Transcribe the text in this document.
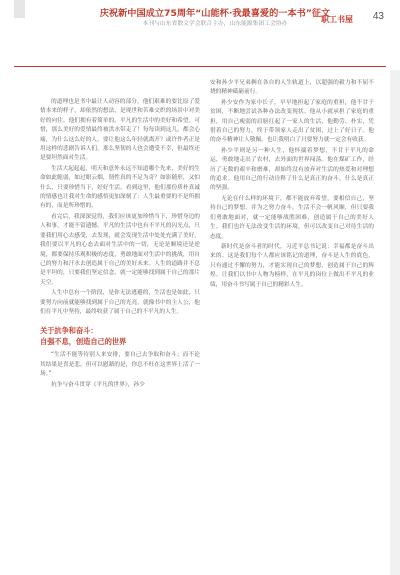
庆祝新中国成立75周年“山能杯·我最喜爱的一本书”征文
本刊与山东省散文学会联合主办，山东能源集团工会协办	职工书屋 43

的道理也是书中最让人动容的部分。他们艰难的要比原了爱情本来的样子，却依然的想法，是现世和苦难交织的场景中对美好的向往。他们拥有着简单的，平凡的生活中的美好和希望。可惜，那么美好的爱情最终被洪水带走了！每每读到这儿，都会心痛，为什么这么好的人，要让他这么年轻就离开？或许作者正是用这样的悲剧告诉人们，那么坚韧的人也会遭受不幸，但最终还是要坦然面对生活。

生活大起起起，明天和意外永远不知道哪个先来，美好的生命如此脆弱，如过眼云烟，韧性真的不足为奇？如影随形，又怕什么，只要珍惜当下，好好生活。看到这里，他们那份质朴真诚的情感也让我对生命的感悟更加深刻了：人生最重要的不是所拥有的，而是所珍惜的。

看完后，我深深觉得，我们应该更加珍惜当下，珍惜身边的人和事，才能不留遗憾。平凡的生活中也有不平凡的闪光点，只要我们用心去感受，去发现，就会发现生活中处处充满了美好，我们要以平凡的心态去面对生活中的一切，无论是顺境还是逆境，都要保持乐观积极的态度，勇敢地面对生活中的挑战，用自己的努力和汗水去创造属于自己的美好未来。人生的道路并不总是平坦的，只要我们坚定信念，就一定能够找到属于自己的那片天空。

人生中总有一个阶段，是你无法逃避的，生活也是如此，只要努力向前就能够找到属于自己的光亮，就像书中的主人公，他们在平凡中坚持，最终收获了属于自己的不平凡的人生。

关于抗争和奋斗：
自强不息，创造自己的世界

“生活不能等待别人来安排，要自己去争取和奋斗；而不论其结果是喜是悲，但可以慰藉的是，你总不枉在这世界上活了一场。”

抗争与奋斗贯穿《平凡的世界》，孙少

安和孙少平兄弟俩在各自的人生轨道上，以超强的毅力和不屈不挠的精神砥砺前行。

孙少安作为家中长子，早早地担起了家庭的重担，他不甘于贫困，不断地尝试各种办法改变现状。他从小就承担了家庭的重担，用自己瘦弱的肩膀扛起了一家人的生活，他勤劳、朴实，凭借着自己的努力，终于带领家人走出了贫困，过上了好日子。他的奋斗精神让人敬佩，也让我明白了只要努力就一定会有收获。

孙少平则是另一种人生，他怀揣着梦想，不甘于平凡的命运，勇敢地走出了农村，去外面的世界闯荡。他在煤矿工作，经历了无数的艰辛和磨难，却始终没有放弃对生活的热爱和对理想的追求。他用自己的行动诠释了什么是真正的奋斗，什么是真正的坚强。

无论在什么样的环境下，都不能放弃希望，要相信自己，坚持自己的梦想，并为之努力奋斗。生活不会一帆风顺，但只要我们勇敢地面对，就一定能够战胜困难，创造属于自己的美好人生。我们也许无法改变生活的环境，但可以改变自己对待生活的态度。

新时代是奋斗者的时代。习近平总书记说：幸福都是奋斗出来的。这是我们每个人都应该铭记的道理，奋斗是人生的底色，只有通过不懈的努力，才能实现自己的梦想，创造属于自己的辉煌。让我们以书中人物为榜样，在平凡的岗位上做出不平凡的业绩，用奋斗书写属于自己的精彩人生。
